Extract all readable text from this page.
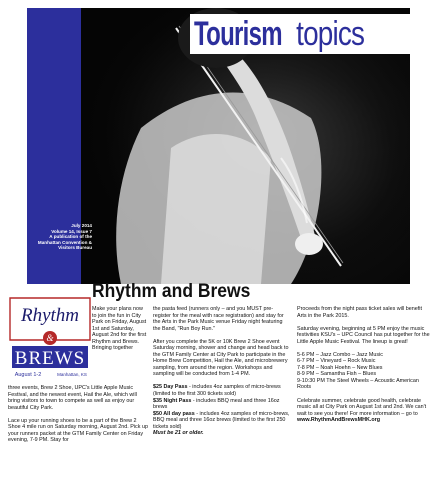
Tourism topics
July 2014
Volume 14, Issue 7
A publication of the Manhattan Convention & Visitors Bureau
Rhythm
&
BREWS
August 1-2	Manhattan, KS
Rhythm and Brews
Make your plans now to join the fun in City Park on Friday, August 1st and Saturday, August 2nd for the first Rhythm and Brews. Bringing together

three events, Brew 2 Shoe, UPC's Little Apple Music Festival, and the newest event, Hail the Ale, which will bring visitors to town to compete as well as enjoy our beautiful City Park.

Lace up your running shoes to be a part of the Brew 2 Shoe 4 mile run on Saturday morning, August 2nd. Pick up your runners packet at the GTM Family Center on Friday evening, 7-9 PM. Stay for

the pasta feed (runners only – and you MUST pre-register for the meal with race registration) and stay for the Arts in the Park Music venue Friday night featuring the Band, "Run Boy Run."

After you complete the 5K or 10K Brew 2 Shoe event Saturday morning, shower and change and head back to the GTM Family Center at City Park to participate in the Home Brew Competition, Hail the Ale, and microbrewery sampling, from around the region. Workshops and sampling will be conducted from 1-4 PM.

$25 Day Pass - includes 4oz samples of micro-brews (limited to the first 300 tickets sold)
$35 Night Pass - includes BBQ meal and three 16oz brews
$50 All day pass - includes 4oz samples of micro-brews, BBQ meal and three 16oz brews (limited to the first 250 tickets sold)
Must be 21 or older.

Proceeds from the night pass ticket sales will benefit Arts in the Park 2015.

Saturday evening, beginning at 5 PM enjoy the music festivities KSU's – UPC Council has put together for the Little Apple Music Festival. The lineup is great!

5-6 PM – Jazz Combo – Jazz Music
6-7 PM – Vineyard – Rock Music
7-8 PM – Noah Hoehn – New Blues
8-9 PM – Samantha Fish – Blues
9-10:30 PM The Steel Wheels – Acoustic American Roots

Celebrate summer, celebrate good health, celebrate music all at City Park on August 1st and 2nd. We can't wait to see you there! For more information – go to www.RhythmAndBrewsMHK.org
